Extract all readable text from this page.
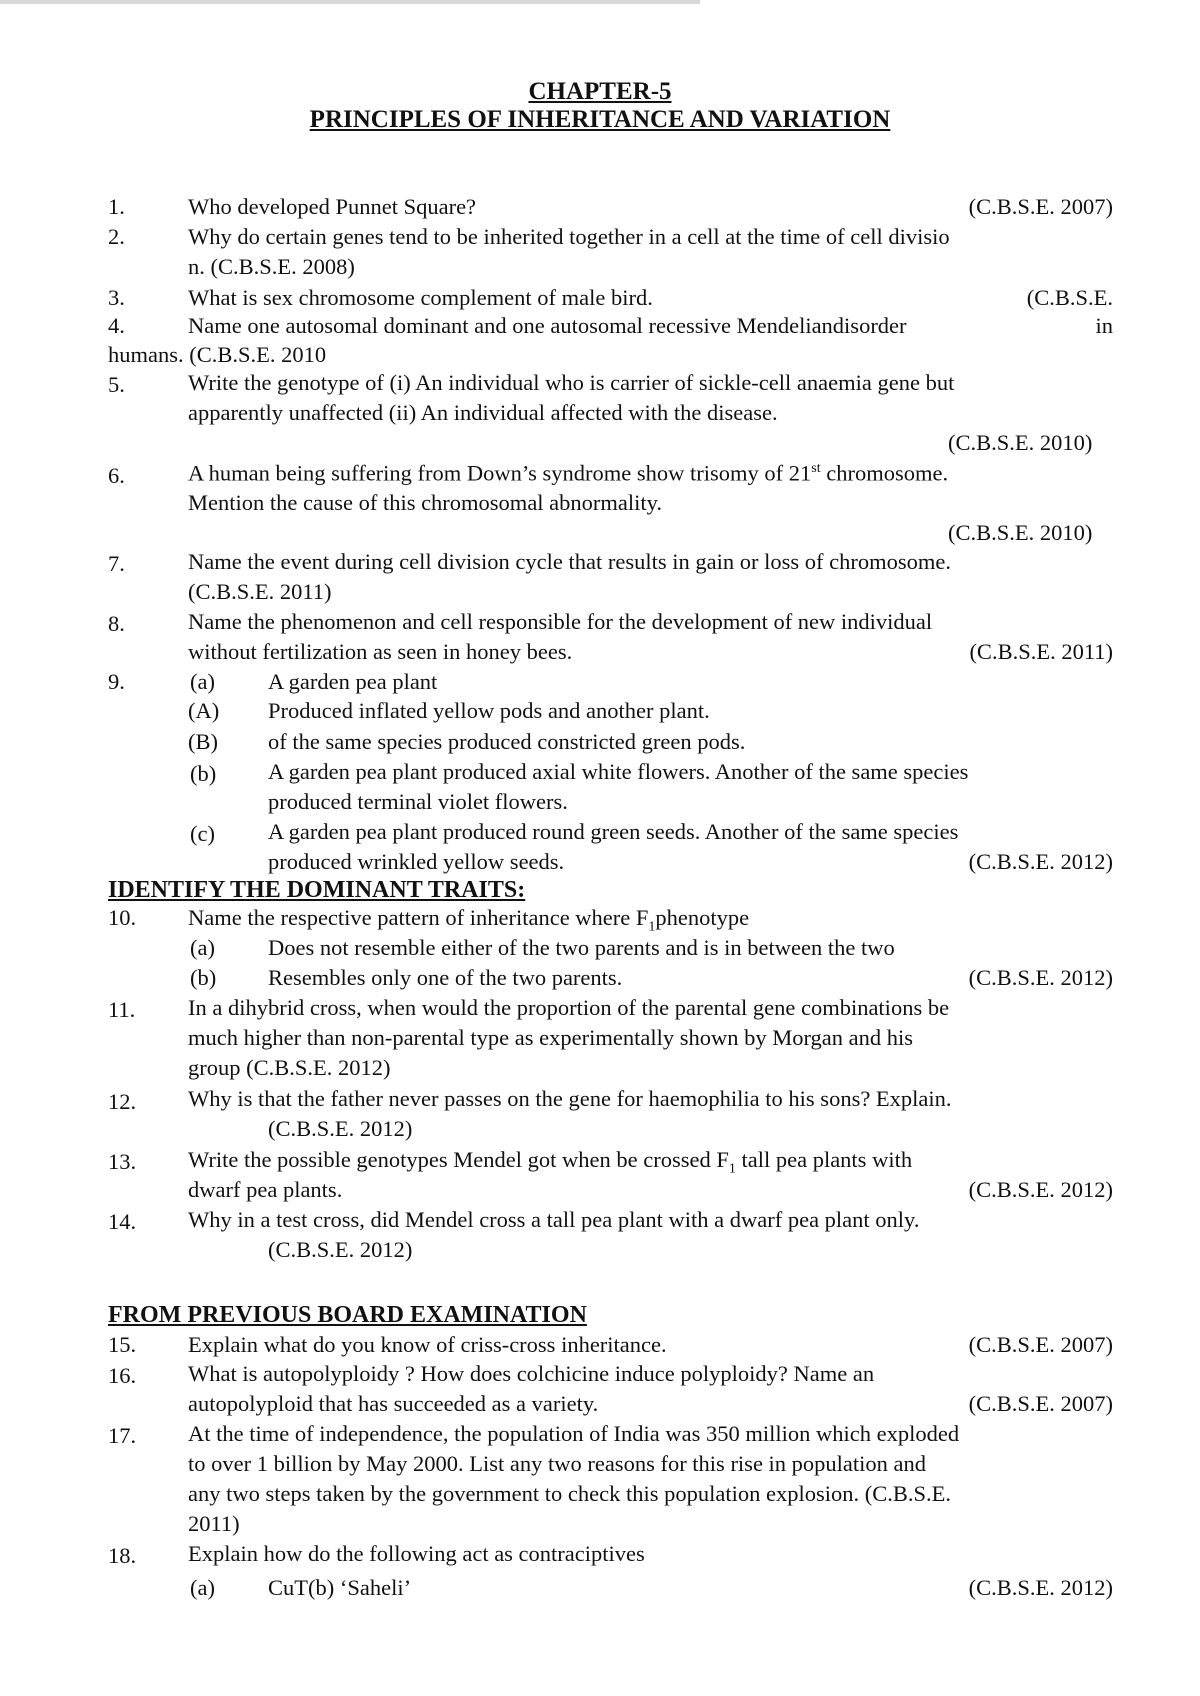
CHAPTER-5
PRINCIPLES OF INHERITANCE AND VARIATION
1.	Who developed Punnet Square?	(C.B.S.E. 2007)
2.	Why do certain genes tend to be inherited together in a cell at the time of cell divisio
n. (C.B.S.E. 2008)
3.	What is sex chromosome complement of male bird.	(C.B.S.E.
4.	Name one autosomal dominant and one autosomal recessive Mendeliandisorder	in
humans. (C.B.S.E. 2010
5.	Write the genotype of (i) An individual who is carrier of sickle-cell anaemia gene but
apparently unaffected (ii) An individual affected with the disease.
(C.B.S.E. 2010)
6.	A human being suffering from Down’s syndrome show trisomy of 21st chromosome.
Mention the cause of this chromosomal abnormality.
(C.B.S.E. 2010)
7.	Name the event during cell division cycle that results in gain or loss of chromosome.
(C.B.S.E. 2011)
8.	Name the phenomenon and cell responsible for the development of new individual
without fertilization as seen in honey bees.	(C.B.S.E. 2011)
9.	(a) A garden pea plant
(A) Produced inflated yellow pods and another plant.
(B) of the same species produced constricted green pods.
(b) A garden pea plant produced axial white flowers. Another of the same species
produced terminal violet flowers.
(c) A garden pea plant produced round green seeds. Another of the same species
produced wrinkled yellow seeds.	(C.B.S.E. 2012)
IDENTIFY THE DOMINANT TRAITS:
10. Name the respective pattern of inheritance where $F_1phenotype$
(a) Does not resemble either of the two parents and is in between the two
(b) Resembles only one of the two parents.	(C.B.S.E. 2012)
11. In a dihybrid cross, when would the proportion of the parental gene combinations be
much higher than non-parental type as experimentally shown by Morgan and his
group (C.B.S.E. 2012)
12. Why is that the father never passes on the gene for haemophilia to his sons? Explain.
(C.B.S.E. 2012)
13. Write the possible genotypes Mendel got when be crossed $F_1$ tall pea plants with
dwarf pea plants.	(C.B.S.E. 2012)
14. Why in a test cross, did Mendel cross a tall pea plant with a dwarf pea plant only.
(C.B.S.E. 2012)
FROM PREVIOUS BOARD EXAMINATION
15. Explain what do you know of criss-cross inheritance.	(C.B.S.E. 2007)
16. What is autopolyploidy ? How does colchicine induce polyploidy? Name an
autopolyploid that has succeeded as a variety.	(C.B.S.E. 2007)
17. At the time of independence, the population of India was 350 million which exploded
to over 1 billion by May 2000. List any two reasons for this rise in population and
any two steps taken by the government to check this population explosion. (C.B.S.E.
2011)
18. Explain how do the following act as contraciptives
(a) CuT(b) ‘Saheli’	(C.B.S.E. 2012)
